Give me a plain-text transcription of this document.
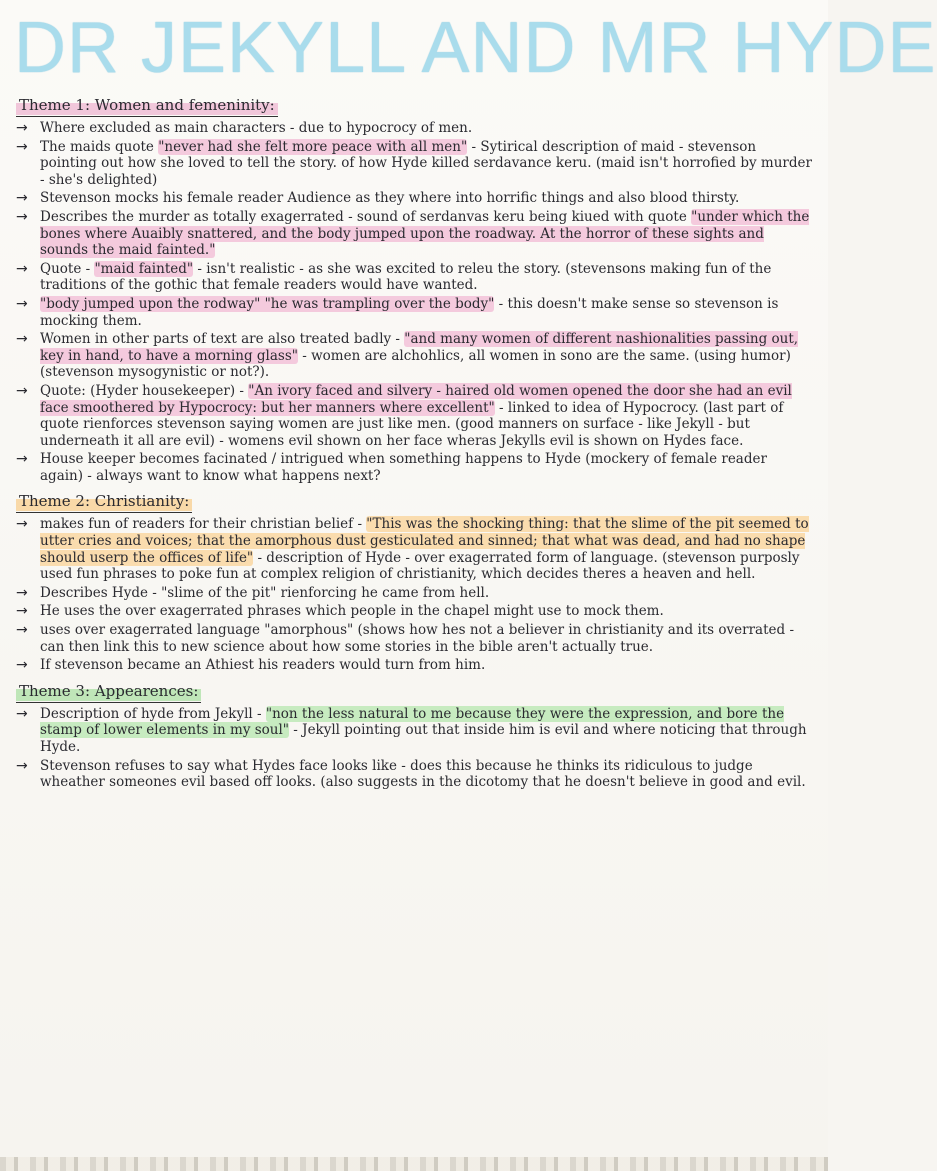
DR JEKYLL AND MR HYDE
Theme 1: Women and femeninity:
→ Where excluded as main characters - due to hypocrocy of men.
→ The maids quote "never had she felt more peace with all men" - Sytirical description of maid - stevenson pointing out how she loved to tell the story. of how Hyde killed serdavance keru. (maid isn't horrofied by murder - she's delighted)
→ Stevenson mocks his female reader Audience as they where into horrific things and also blood thirsty.
→ Describes the murder as totally exagerrated - sound of serdanvas keru being kiued with quote "under which the bones where Auaibly snattered, and the body jumped upon the roadway. At the horror of these sights and sounds the maid fainted."
→ Quote - "maid fainted" - isn't realistic - as she was excited to releu the story. (stevensons making fun of the traditions of the gothic that female readers would have wanted.
→ "body jumped upon the rodway" "he was trampling over the body" - this doesn't make sense so stevenson is mocking them.
→ Women in other parts of text are also treated badly - "and many women of different nashionalities passing out, key in hand, to have a morning glass" - women are alchohlics, all women in sono are the same. (using humor) (stevenson mysogynistic or not?).
→ Quote: (Hyder housekeeper) - "An ivory faced and silvery - haired old women opened the door she had an evil face smoothered by Hypocrocy: but her manners where excellent" - linked to idea of Hypocrocy. (last part of quote rienforces stevenson saying women are just like men. (good manners on surface - like Jekyll - but underneath it all are evil) - womens evil shown on her face wheras Jekylls evil is shown on Hydes face.
→ House keeper becomes facinated / intrigued when something happens to Hyde (mockery of female reader again) - always want to know what happens next?
Theme 2: Christianity:
→ makes fun of readers for their christian belief - "This was the shocking thing: that the slime of the pit seemed to utter cries and voices; that the amorphous dust gesticulated and sinned; that what was dead, and had no shape should userp the offices of life" - description of Hyde - over exagerrated form of language. (stevenson purposly used fun phrases to poke fun at complex religion of christianity, which decides theres a heaven and hell.
→ Describes Hyde - "slime of the pit" rienforcing he came from hell.
→ He uses the over exagerrated phrases which people in the chapel might use to mock them.
→ uses over exagerrated language "amorphous" (shows how hes not a believer in christianity and its overrated - can then link this to new science about how some stories in the bible aren't actually true.
→ If stevenson became an Athiest his readers would turn from him.
Theme 3: Appearences:
→ Description of hyde from Jekyll - "non the less natural to me because they were the expression, and bore the stamp of lower elements in my soul" - Jekyll pointing out that inside him is evil and where noticing that through Hyde.
→ Stevenson refuses to say what Hydes face looks like - does this because he thinks its ridiculous to judge wheather someones evil based off looks. (also suggests in the dicotomy that he doesn't believe in good and evil.
